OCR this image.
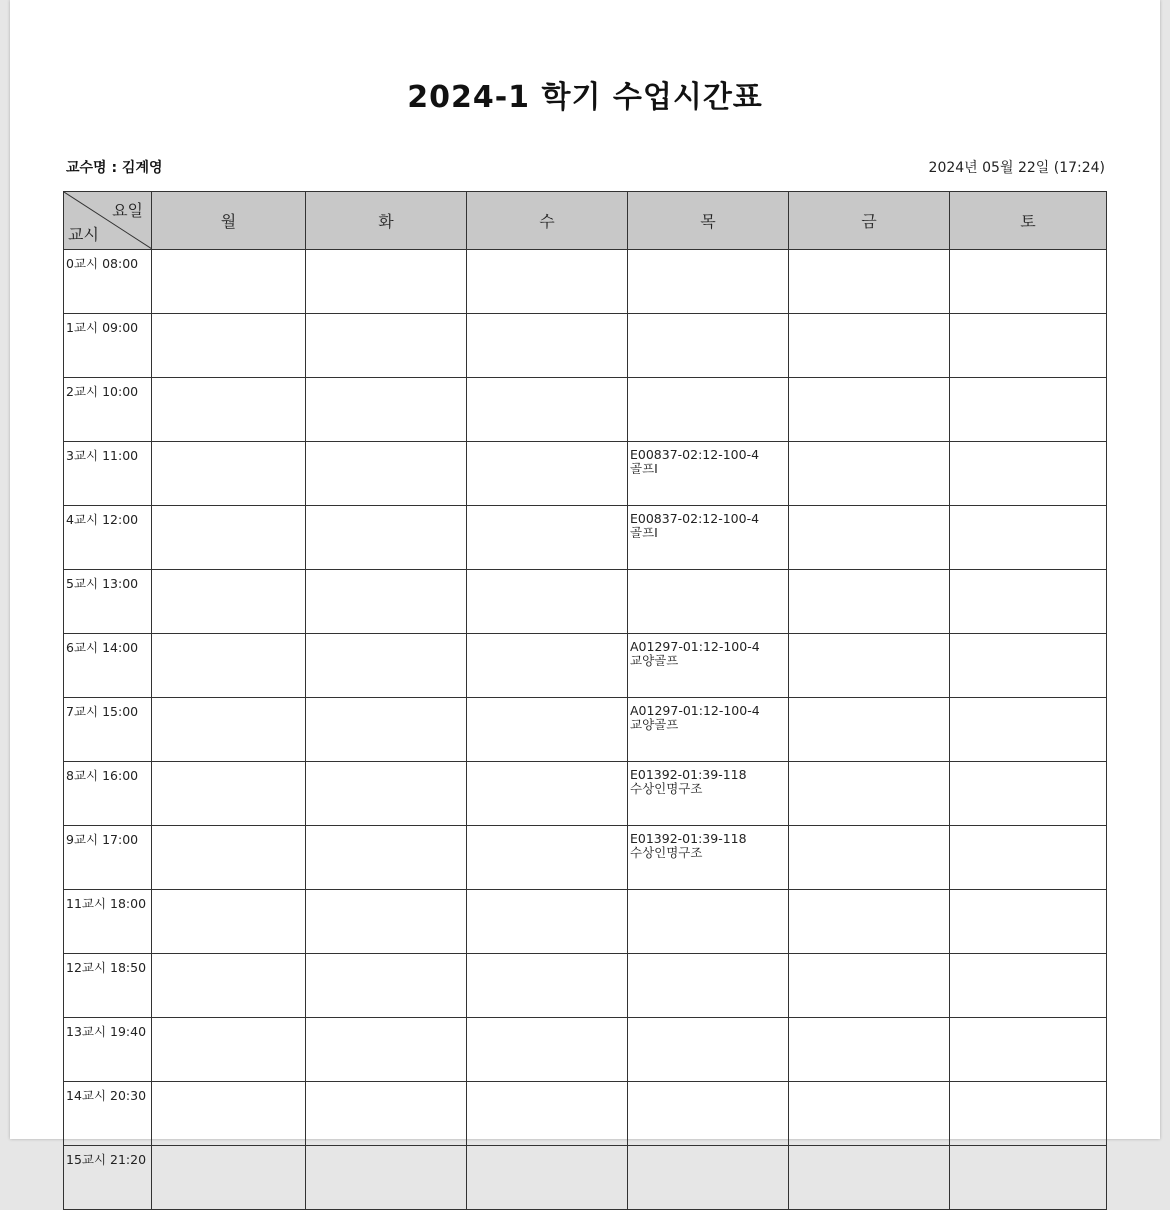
2024-1 학기 수업시간표
교수명 : 김계영	2024년 05월 22일 (17:24)
요일
교시	월	화	수	목	금	토
0교시 08:00						
1교시 09:00						
2교시 10:00						
3교시 11:00				E00837-02:12-100-4
골프I		

4교시 12:00				E00837-02:12-100-4
골프I		

5교시 13:00						
6교시 14:00				A01297-01:12-100-4
교양골프		

7교시 15:00				A01297-01:12-100-4
교양골프		

8교시 16:00				E01392-01:39-118
수상인명구조		

9교시 17:00				E01392-01:39-118
수상인명구조		

11교시 18:00						
12교시 18:50						
13교시 19:40						
14교시 20:30						
15교시 21:20						
